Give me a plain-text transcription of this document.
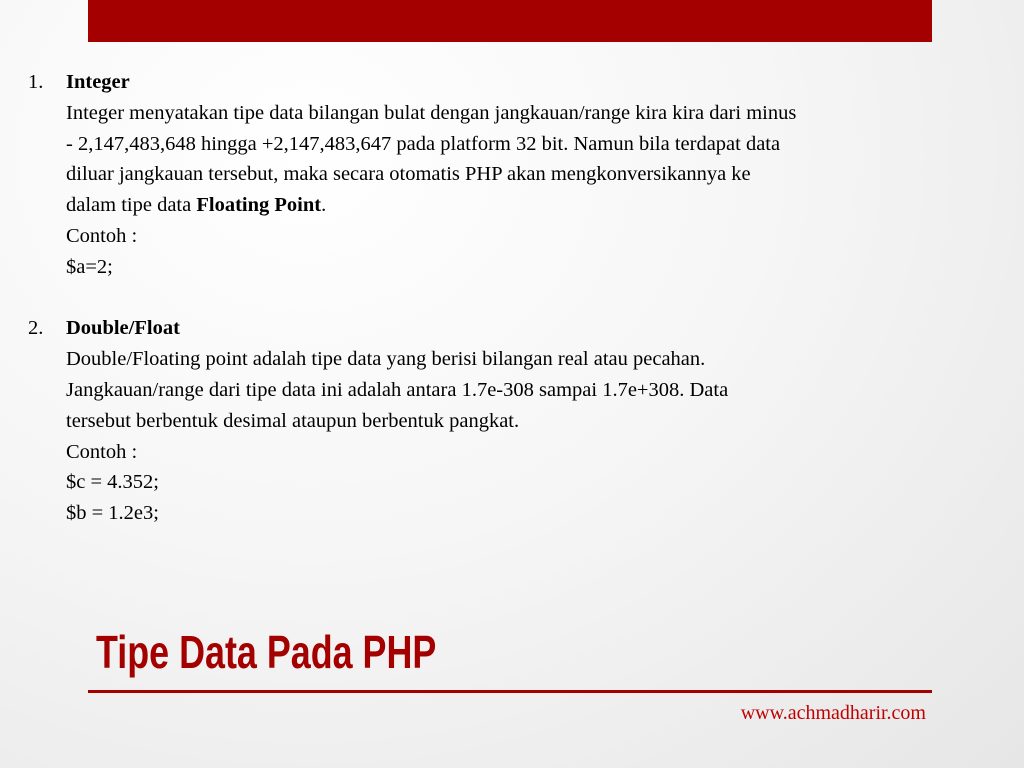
1. Integer
Integer menyatakan tipe data bilangan bulat dengan jangkauan/range kira kira dari minus
- 2,147,483,648 hingga +2,147,483,647 pada platform 32 bit. Namun bila terdapat data
diluar jangkauan tersebut, maka secara otomatis PHP akan mengkonversikannya ke
dalam tipe data Floating Point.
Contoh :
$a=2;
2. Double/Float
Double/Floating point adalah tipe data yang berisi bilangan real atau pecahan.
Jangkauan/range dari tipe data ini adalah antara 1.7e-308 sampai 1.7e+308. Data
tersebut berbentuk desimal ataupun berbentuk pangkat.
Contoh :
$c = 4.352;
$b = 1.2e3;
Tipe Data Pada PHP
www.achmadharir.com
